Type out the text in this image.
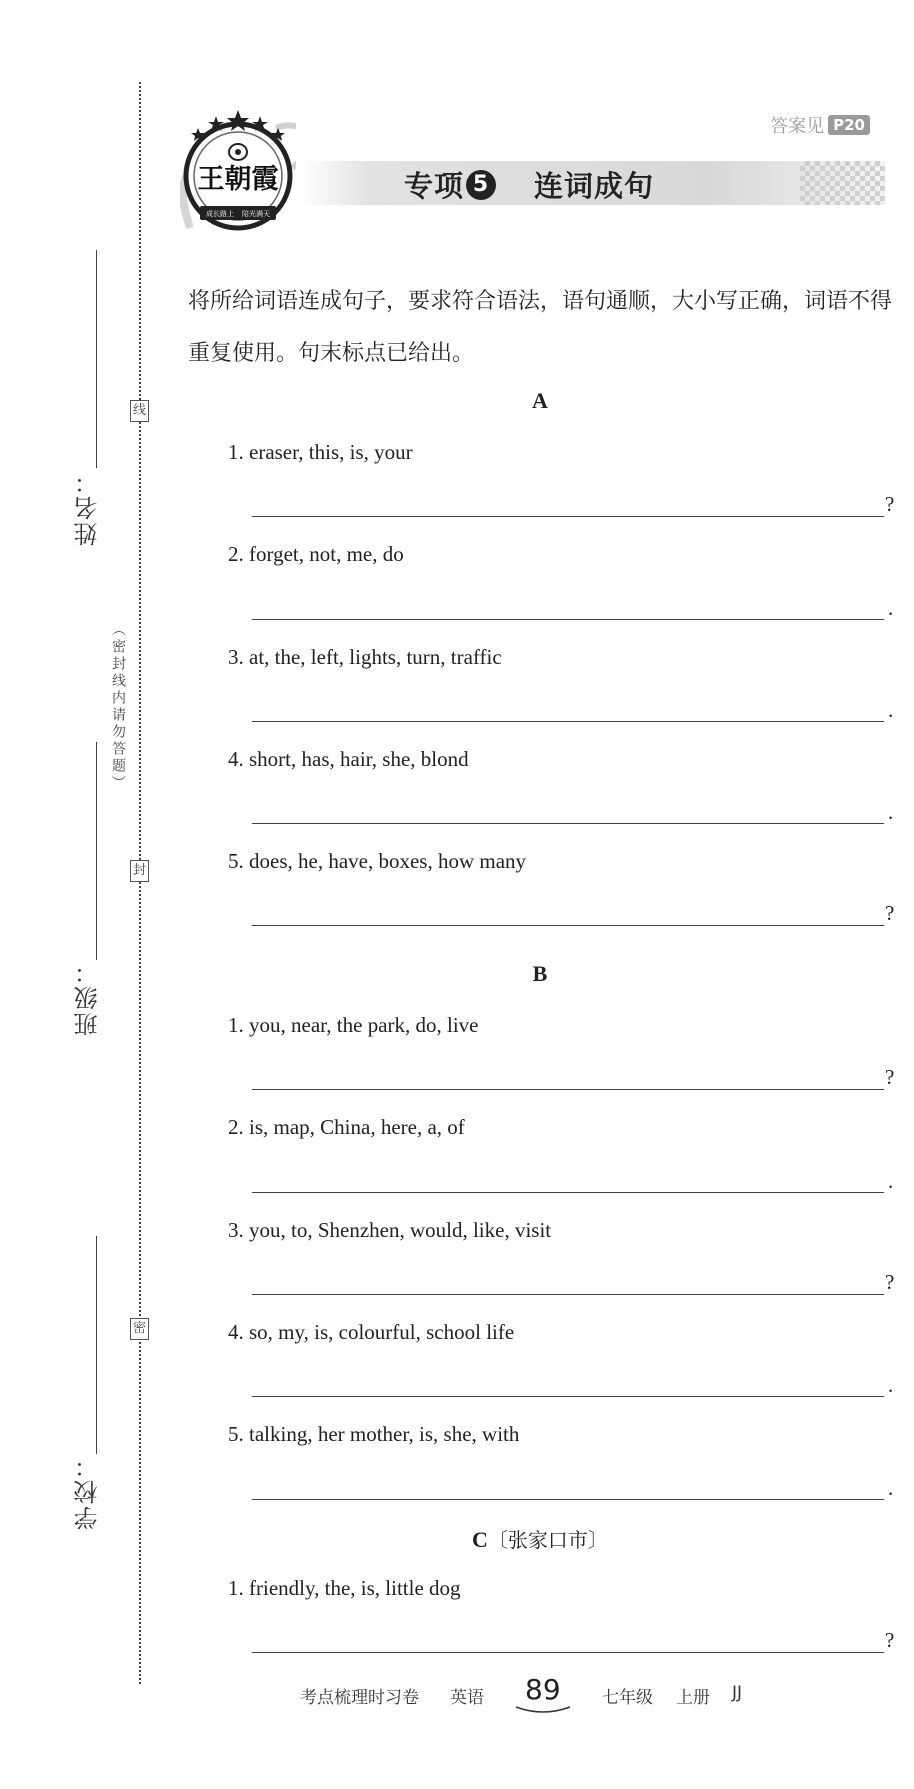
线
封
密
（密封线内请勿答题）
姓名：
班级：
学校：
答案见 P20
王朝霞
成长路上 陪光满天
专项 5 连词成句
将所给词语连成句子，要求符合语法，语句通顺，大小写正确，词语不得重复使用。句末标点已给出。
A
1. eraser, this, is, your
?
2. forget, not, me, do
.
3. at, the, left, lights, turn, traffic
.
4. short, has, hair, she, blond
.
5. does, he, have, boxes, how many
?
B
1. you, near, the park, do, live
?
2. is, map, China, here, a, of
.
3. you, to, Shenzhen, would, like, visit
?
4. so, my, is, colourful, school life
.
5. talking, her mother, is, she, with
.
C〔张家口市〕
1. friendly, the, is, little dog
?
考点梳理时习卷 英语 89 七年级 上册 JJ
